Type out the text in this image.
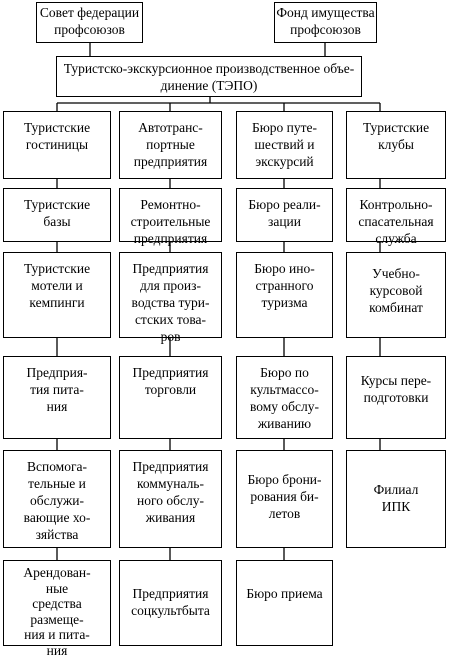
Совет федерации
профсоюзов
Фонд имущества
профсоюзов
Туристско-экскурсионное производственное объе-
динение (ТЭПО)
Туристские
гостиницы
Туристские
базы
Туристские
мотели и
кемпинги
Предприя-
тия пита-
ния
Вспомога-
тельные и
обслужи-
вающие хо-
зяйства
Арендован-
ные
средства
размеще-
ния и пита-
ния
Автотранс-
портные
предприятия
Ремонтно-
строительные
предприятия
Предприятия
для произ-
водства тури-
стских това-
ров
Предприятия
торговли
Предприятия
коммуналь-
ного обслу-
живания
Предприятия
соцкультбыта
Бюро путе-
шествий и
экскурсий
Бюро реали-
зации
Бюро ино-
странного
туризма
Бюро по
культмассо-
вому обслу-
живанию
Бюро брони-
рования би-
летов
Бюро приема
Туристские
клубы
Контрольно-
спасательная
служба
Учебно-
курсовой
комбинат
Курсы пере-
подготовки
Филиал
ИПК
